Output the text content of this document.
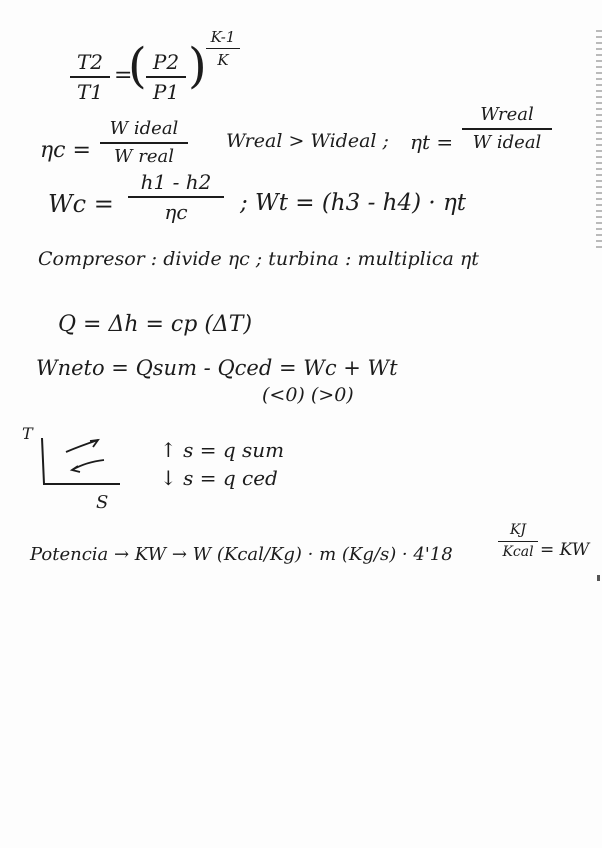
T2
T1
=
( P2
P1 )
K-1
K
ηc =
W ideal
W real
Wreal > Wideal ; ηt =
Wreal
W ideal
Wc =
h1 - h2
ηc	; Wt = (h3 - h4) · ηt
Compresor : divide ηc ; turbina : multiplica ηt
Q = Δh = cp (ΔT)
Wneto = Qsum - Qced = Wc + Wt
(<0) (>0)
T
S
↑ s = q sum
↓ s = q ced
Potencia → KW → W (Kcal/Kg) · m (Kg/s) · 4'18
KJ
Kcal = KW
